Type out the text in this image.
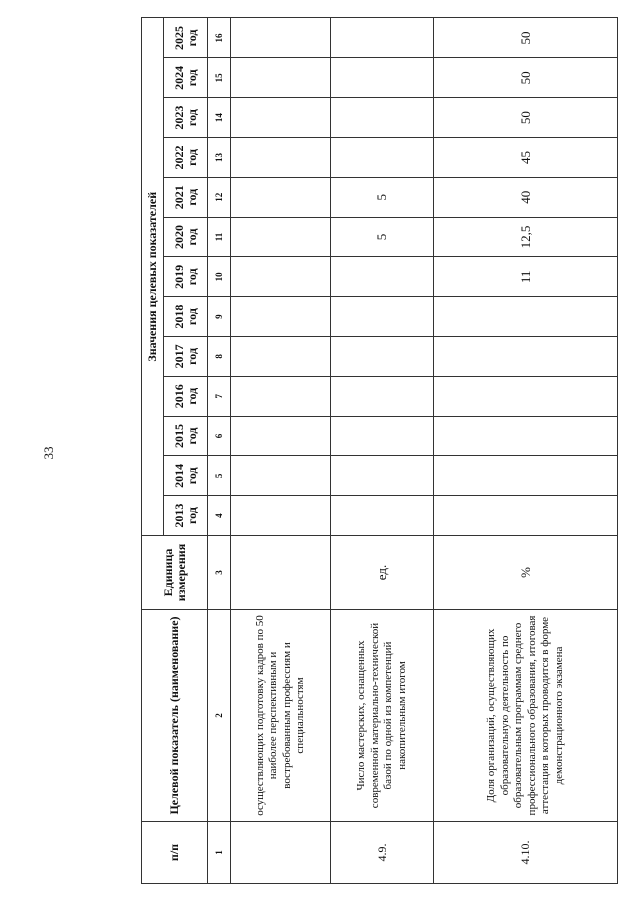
33
п/п	Целевой показатель (наименование)	Единица измерения	Значения целевых показателей												
			2013 год	2014 год	2015 год	2016 год	2017 год	2018 год	2019 год	2020 год	2021 год	2022 год	2023 год	2024 год	2025 год
1	2	3	4	5	6	7	8	9	10	11	12	13	14	15	16
	осуществляющих подготовку кадров по 50 наиболее перспективным и востребованным профессиям и специальностям														
4.9.	Число мастерских, оснащенных современной материально-технической базой по одной из компетенций накопительным итогом	ед.								5	5				
4.10.	Доля организаций, осуществляющих образовательную деятельность по образовательным программам среднего профессионального образования, итоговая аттестация в которых проводится в форме демонстрационного экзамена	%							11	12,5	40	45	50	50	50
